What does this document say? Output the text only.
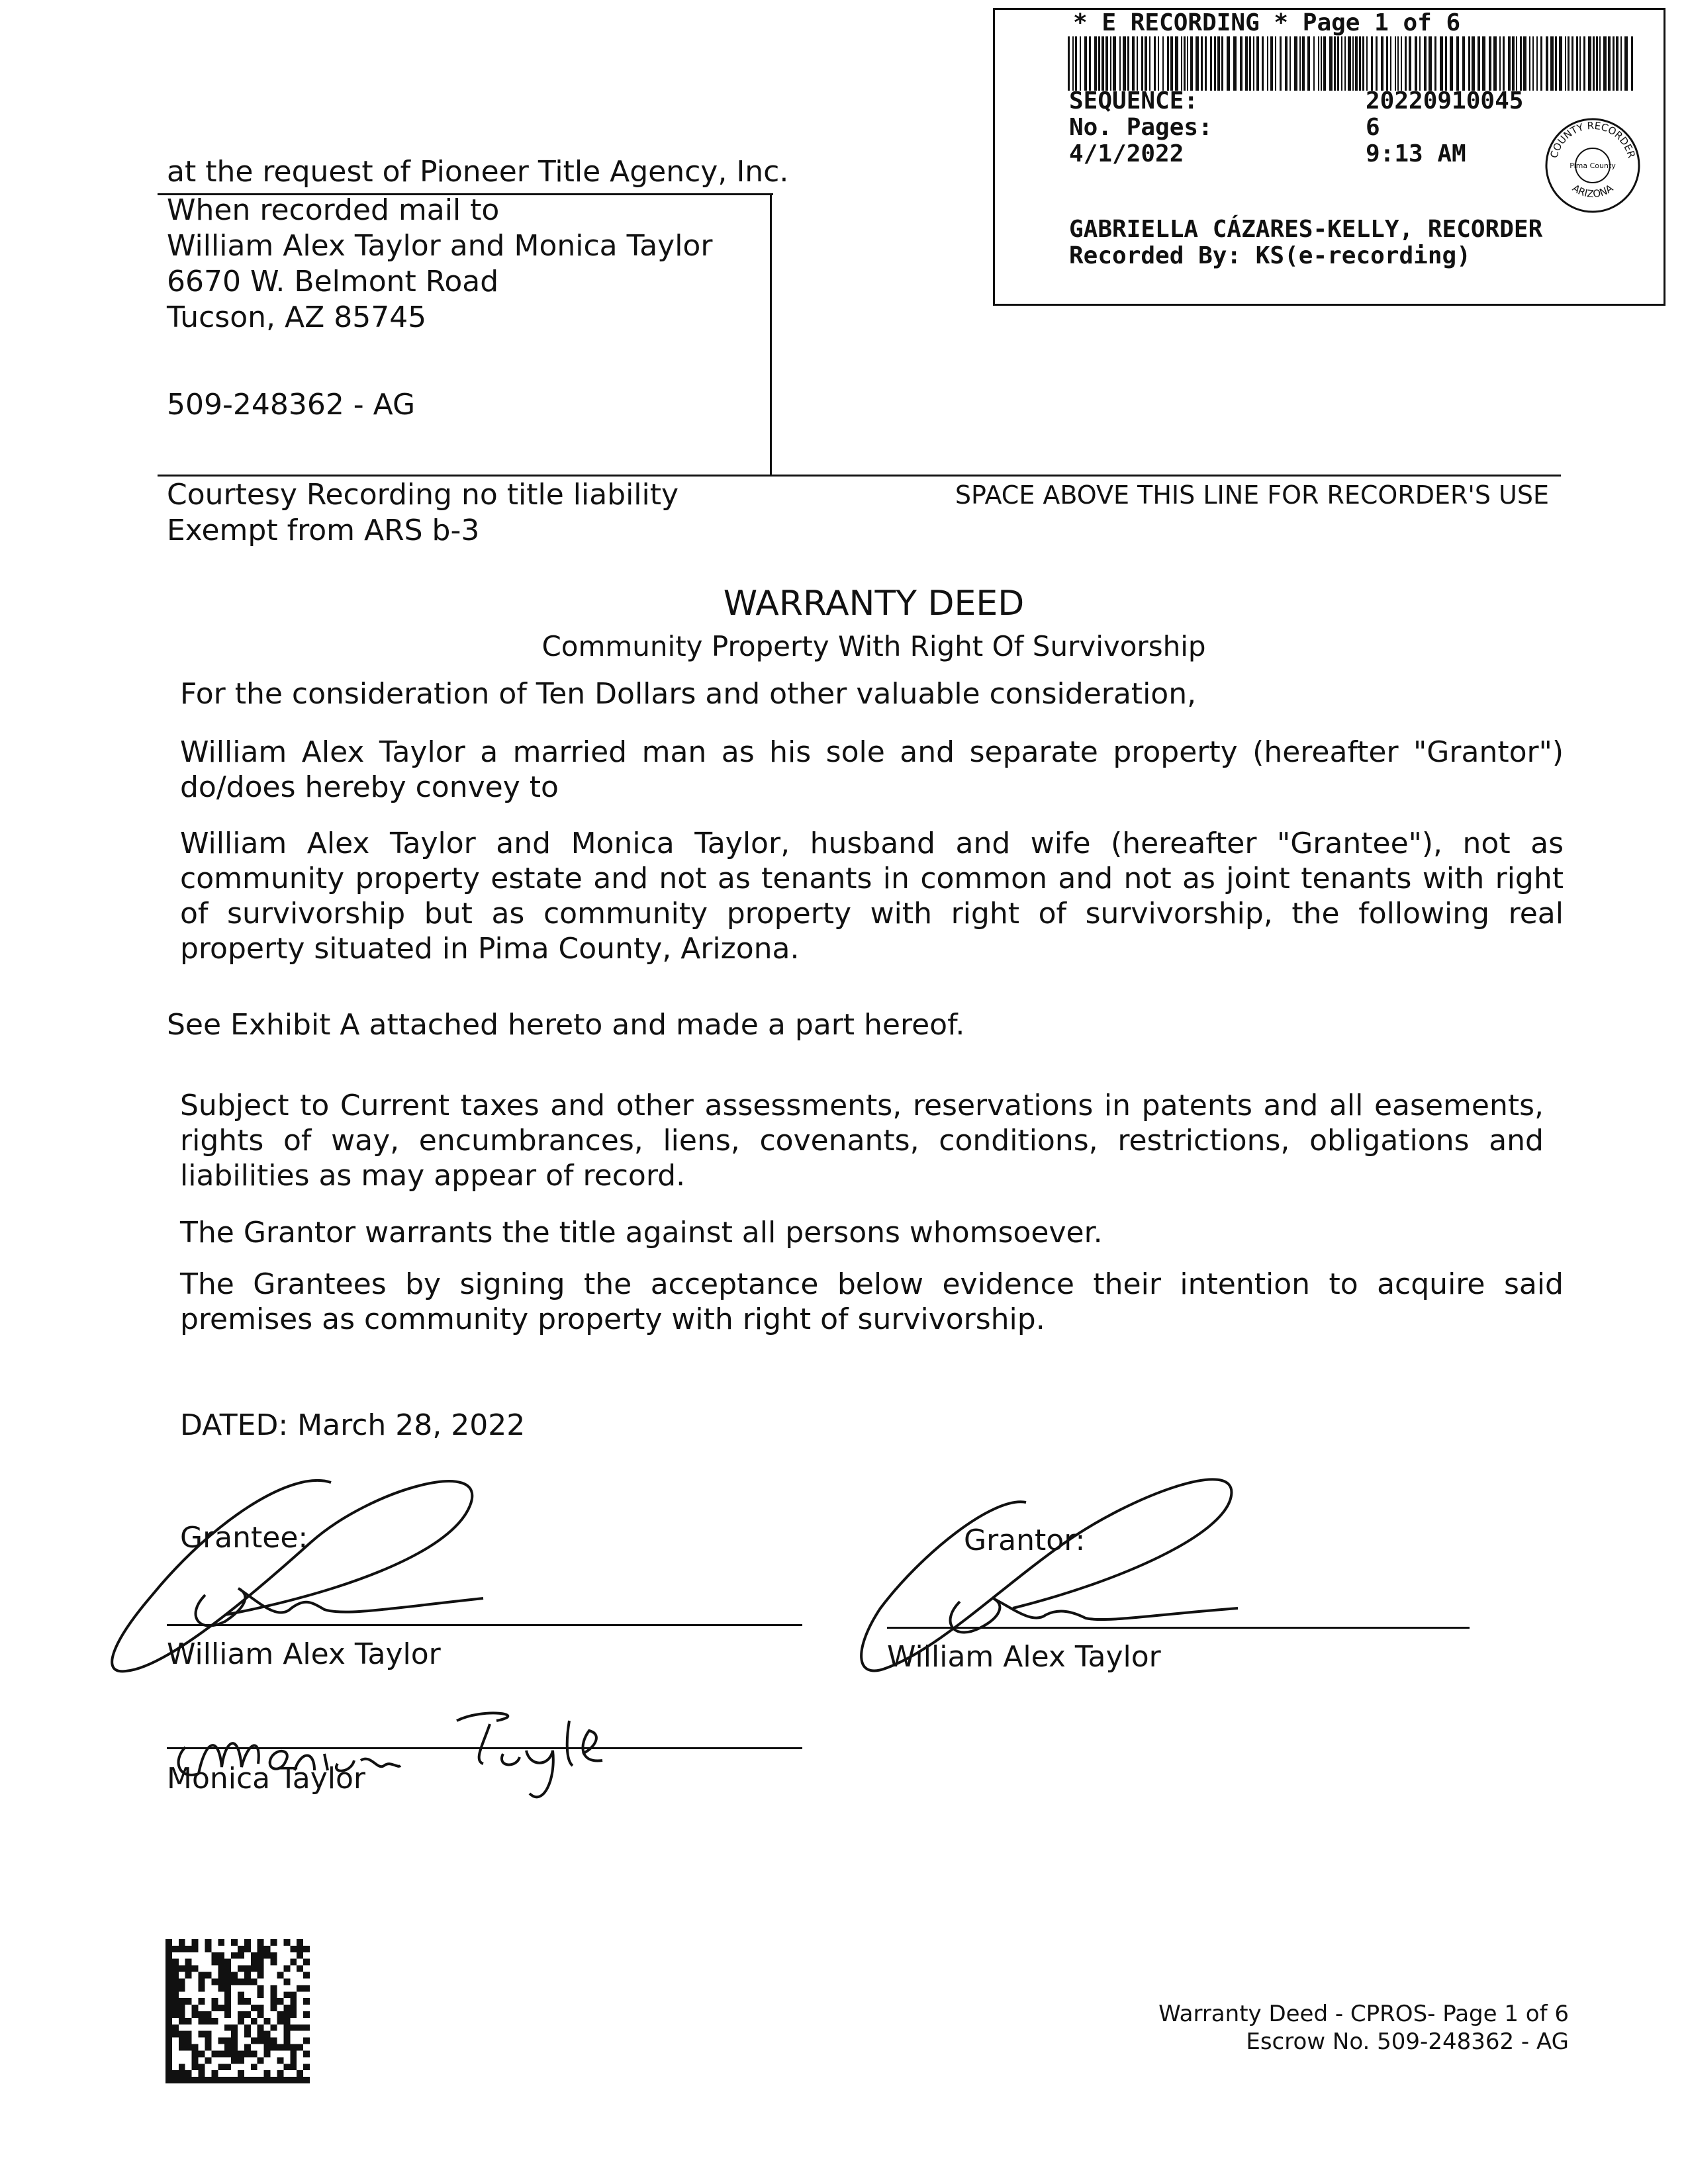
* E RECORDING * Page 1 of 6
SEQUENCE:	20220910045
No. Pages:	6
4/1/2022	9:13 AM	COUNTY RECORDER
ARIZONA
Pima County
GABRIELLA CÁZARES-KELLY, RECORDER
Recorded By: KS(e-recording)
at the request of Pioneer Title Agency, Inc.
When recorded mail to
William Alex Taylor and Monica Taylor
6670 W. Belmont Road
Tucson, AZ 85745
509-248362 - AG
Courtesy Recording no title liability
Exempt from ARS b-3
SPACE ABOVE THIS LINE FOR RECORDER'S USE
WARRANTY DEED
Community Property With Right Of Survivorship
For the consideration of Ten Dollars and other valuable consideration,
William Alex Taylor a married man as his sole and separate property (hereafter "Grantor") do/does hereby convey to
William Alex Taylor and Monica Taylor, husband and wife (hereafter "Grantee"), not as community property estate and not as tenants in common and not as joint tenants with right of survivorship but as community property with right of survivorship, the following real property situated in Pima County, Arizona.
See Exhibit A attached hereto and made a part hereof.
Subject to Current taxes and other assessments, reservations in patents and all easements, rights of way, encumbrances, liens, covenants, conditions, restrictions, obligations and liabilities as may appear of record.
The Grantor warrants the title against all persons whomsoever.
The Grantees by signing the acceptance below evidence their intention to acquire said premises as community property with right of survivorship.
DATED: March 28, 2022
Grantee:
William Alex Taylor
Monica Taylor
Grantor:
William Alex Taylor
Warranty Deed - CPROS- Page 1 of 6
Escrow No. 509-248362 - AG
